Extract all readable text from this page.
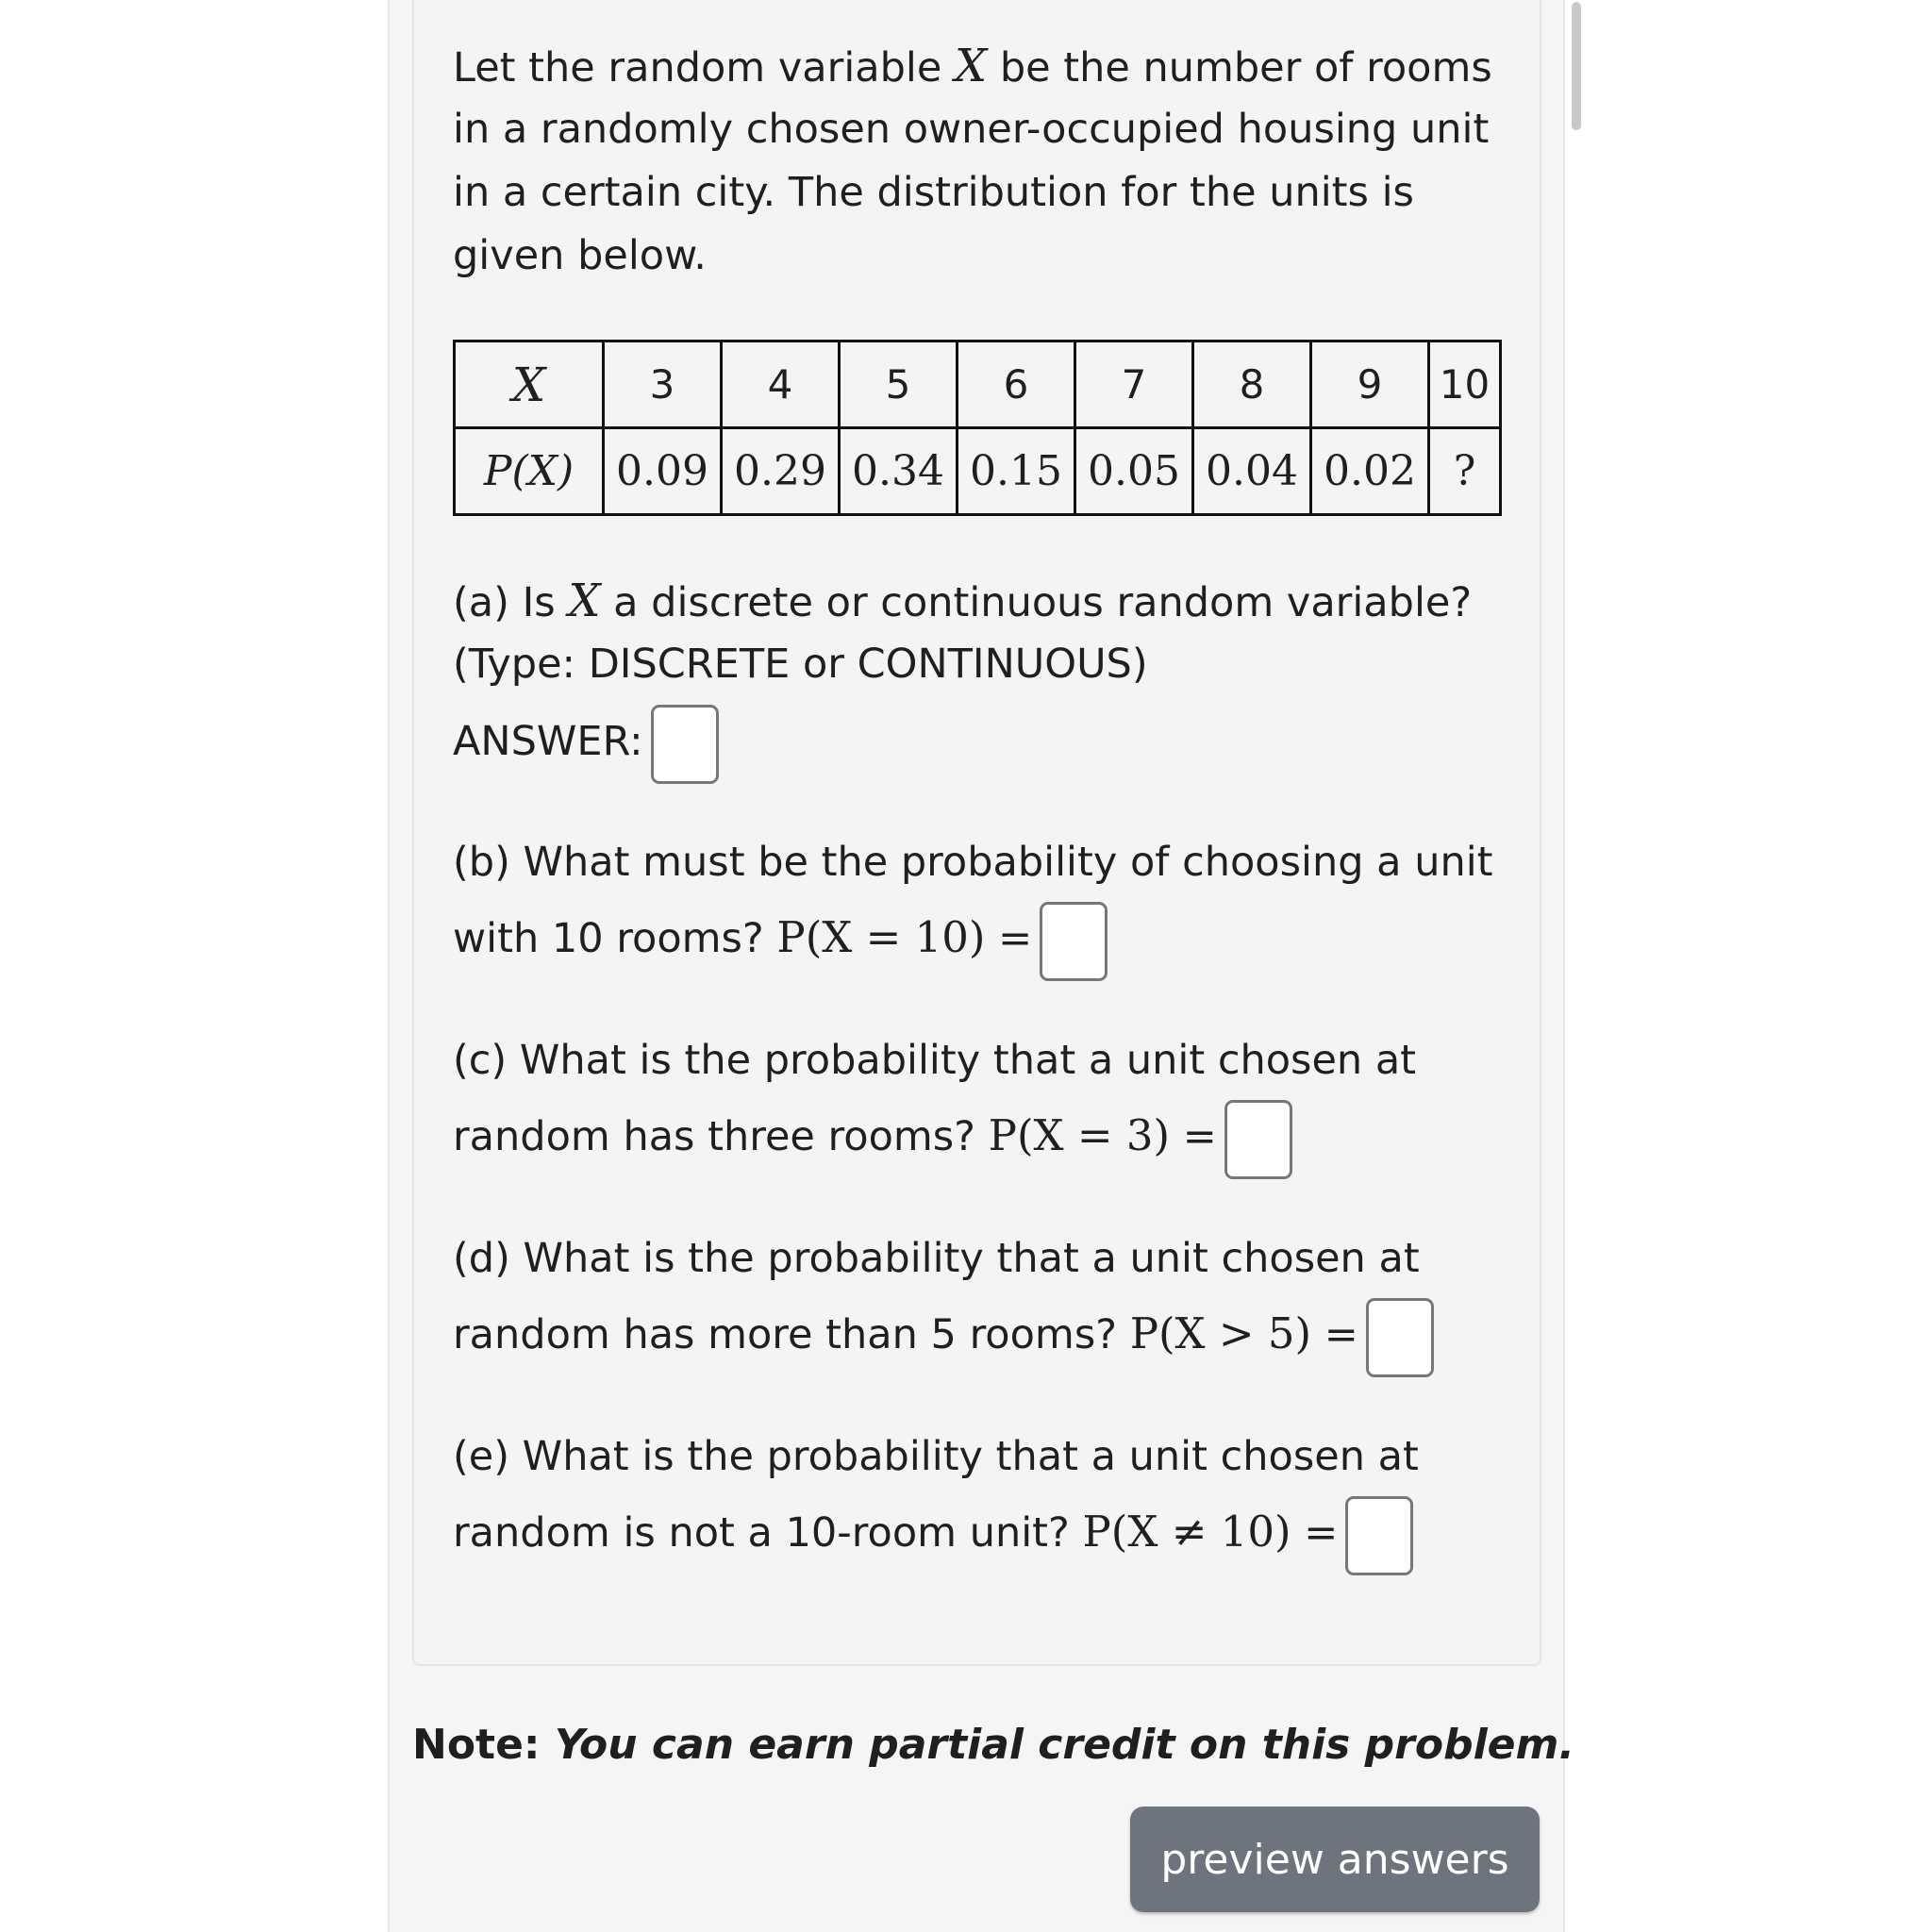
Let the random variable X be the number of rooms
in a randomly chosen owner-occupied housing unit
in a certain city. The distribution for the units is
given below.
X	3	4	5	6	7	8	9	10
P(X)	0.09	0.29	0.34	0.15	0.05	0.04	0.02	?
(a) Is X a discrete or continuous random variable?
(Type: DISCRETE or CONTINUOUS)
ANSWER:
(b) What must be the probability of choosing a unit
with 10 rooms? P(X = 10) =
(c) What is the probability that a unit chosen at
random has three rooms? P(X = 3) =
(d) What is the probability that a unit chosen at
random has more than 5 rooms? P(X > 5) =
(e) What is the probability that a unit chosen at
random is not a 10-room unit? P(X ≠ 10) =
Note: You can earn partial credit on this problem.
preview answers
